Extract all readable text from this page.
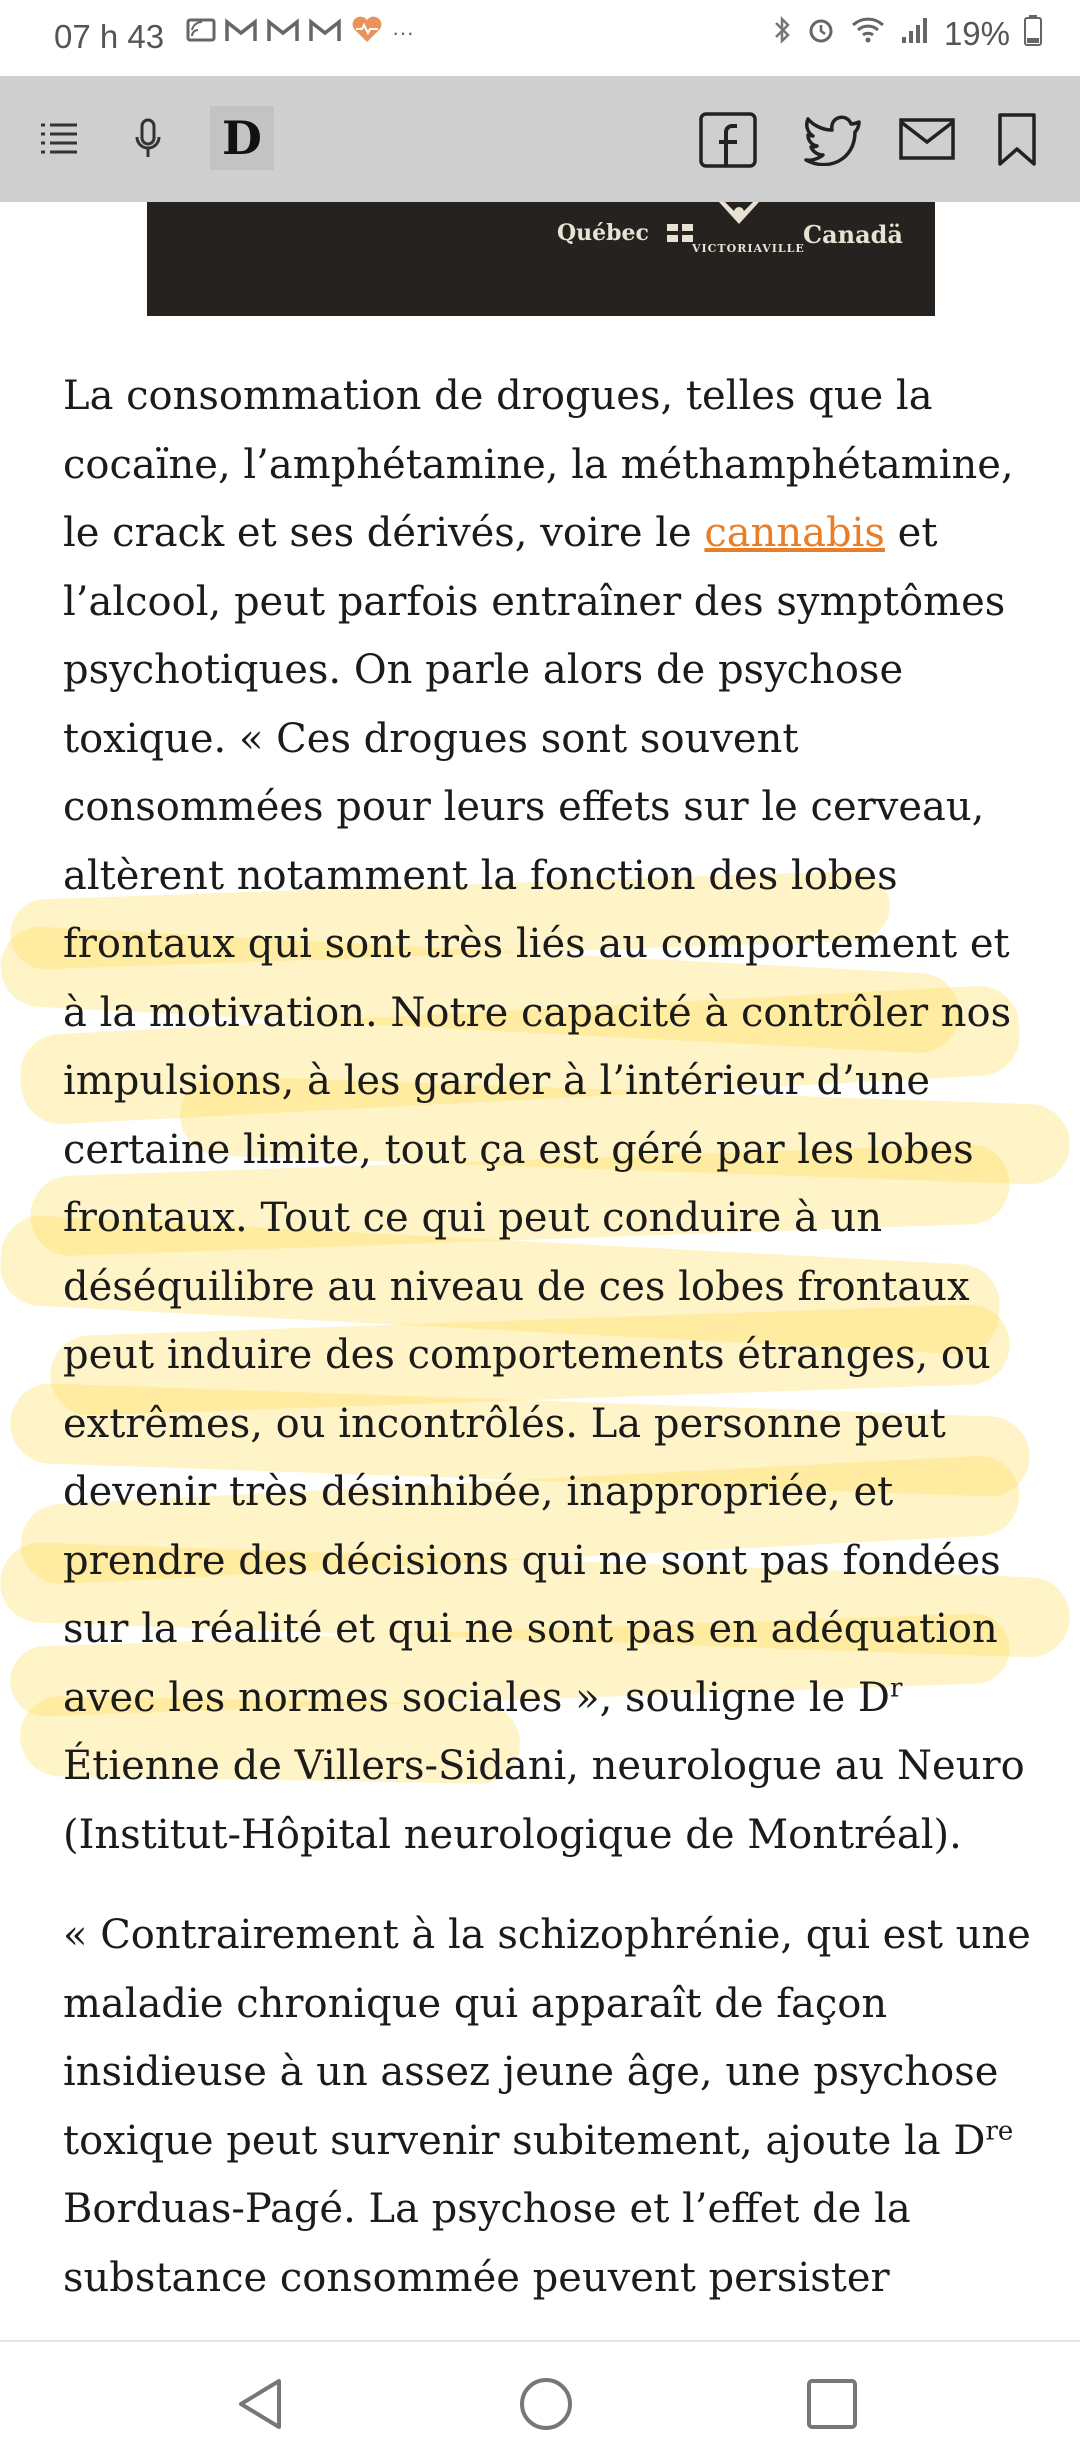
07 h 43	···	19%
D
Québec
VICTORIAVILLE
Canadä

La consommation de drogues, telles que la cocaïne, l’amphétamine, la méthamphétamine, le crack et ses dérivés, voire le cannabis et l’alcool, peut parfois entraîner des symptômes psychotiques. On parle alors de psychose toxique. « Ces drogues sont souvent consommées pour leurs effets sur le cerveau, altèrent notamment la fonction des lobes frontaux qui sont très liés au comportement et à la motivation. Notre capacité à contrôler nos impulsions, à les garder à l’intérieur d’une certaine limite, tout ça est géré par les lobes frontaux. Tout ce qui peut conduire à un déséquilibre au niveau de ces lobes frontaux peut induire des comportements étranges, ou extrêmes, ou incontrôlés. La personne peut devenir très désinhibée, inappropriée, et prendre des décisions qui ne sont pas fondées sur la réalité et qui ne sont pas en adéquation avec les normes sociales », souligne le $D^r$ Étienne de Villers-Sidani, neurologue au Neuro (Institut-Hôpital neurologique de Montréal).

« Contrairement à la schizophrénie, qui est une maladie chronique qui apparaît de façon insidieuse à un assez jeune âge, une psychose toxique peut survenir subitement, ajoute la Dre Borduas-Pagé. La psychose et l’effet de la substance consommée peuvent persister
